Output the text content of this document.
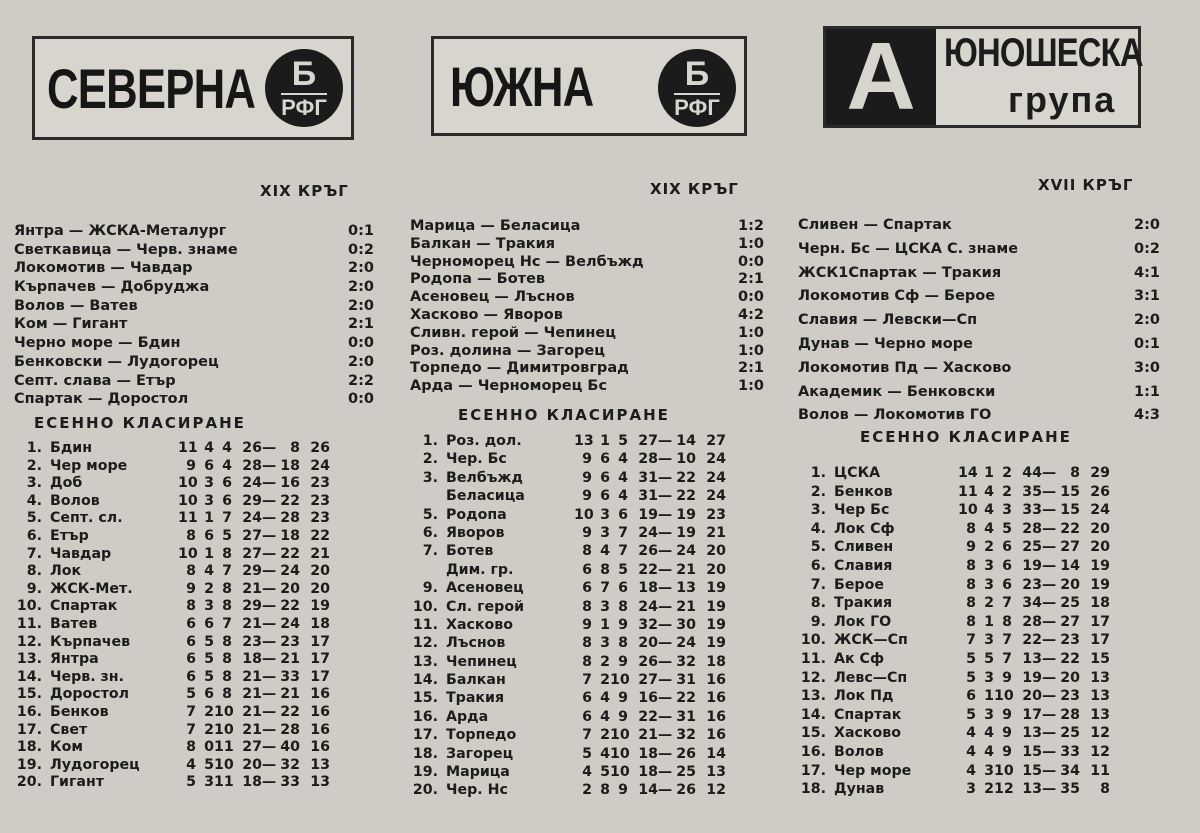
СЕВЕРНА Б
РФГ
XIX КРЪГ
Янтра — ЖСКА-Металург	0:1
Светкавица — Черв. знаме	0:2
Локомотив — Чавдар	2:0
Кърпачев — Добруджа	2:0
Волов — Ватев	2:0
Ком — Гигант	2:1
Черно море — Бдин	0:0
Бенковски — Лудогорец	2:0
Септ. слава — Етър	2:2
Спартак — Доростол	0:0
ЕСЕННО КЛАСИРАНЕ
1. Бдин	11 4 4 26 — 8 26
2. Чер море	9 6 4 28 — 18 24
3. Доб	10 3 6 24 — 16 23
4. Волов	10 3 6 29 — 22 23
5. Септ. сл.	11 1 7 24 — 28 23
6. Етър	8 6 5 27 — 18 22
7. Чавдар	10 1 8 27 — 22 21
8. Лок	8 4 7 29 — 24 20
9. ЖСК-Мет.	9 2 8 21 — 20 20
10. Спартак	8 3 8 29 — 22 19
11. Ватев	6 6 7 21 — 24 18
12. Кърпачев	6 5 8 23 — 23 17
13. Янтра	6 5 8 18 — 21 17
14. Черв. зн.	6 5 8 21 — 33 17
15. Доростол	5 6 8 21 — 21 16
16. Бенков	7 2 10 21 — 22 16
17. Свет	7 2 10 21 — 28 16
18. Ком	8 0 11 27 — 40 16
19. Лудогорец	4 5 10 20 — 32 13
20. Гигант	5 3 11 18 — 33 13
ЮЖНА	Б
РФГ
XIX КРЪГ
Марица — Беласица	1:2
Балкан — Тракия	1:0
Черноморец Нс — Велбъжд	0:0
Родопа — Ботев	2:1
Асеновец — Лъснов	0:0
Хасково — Яворов	4:2
Сливн. герой — Чепинец	1:0
Роз. долина — Загорец	1:0
Торпедо — Димитровград	2:1
Арда — Черноморец Бс	1:0
ЕСЕННО КЛАСИРАНЕ
1. Роз. дол.	13 1 5 27 — 14 27
2. Чер. Бс	9 6 4 28 — 10 24
3. Велбъжд	9 6 4 31 — 22 24
Беласица	9 6 4 31 — 22 24
5. Родопа	10 3 6 19 — 19 23
6. Яворов	9 3 7 24 — 19 21
7. Ботев	8 4 7 26 — 24 20
Дим. гр.	6 8 5 22 — 21 20
9. Асеновец	6 7 6 18 — 13 19
10. Сл. герой	8 3 8 24 — 21 19
11. Хасково	9 1 9 32 — 30 19
12. Лъснов	8 3 8 20 — 24 19
13. Чепинец	8 2 9 26 — 32 18
14. Балкан	7 2 10 27 — 31 16
15. Тракия	6 4 9 16 — 22 16
16. Арда	6 4 9 22 — 31 16
17. Торпедо	7 2 10 21 — 32 16
18. Загорец	5 4 10 18 — 26 14
19. Марица	4 5 10 18 — 25 13
20. Чер. Нс	2 8 9 14 — 26 12
А ЮНОШЕСКА
група
XVII КРЪГ
Сливен — Спартак	2:0
Черн. Бс — ЦСКА С. знаме	0:2
ЖСК1Спартак — Тракия	4:1
Локомотив Сф — Берое	3:1
Славия — Левски—Сп	2:0
Дунав — Черно море	0:1
Локомотив Пд — Хасково	3:0
Академик — Бенковски	1:1
Волов — Локомотив ГО	4:3
ЕСЕННО КЛАСИРАНЕ
1. ЦСКА	14 1 2 44 — 8 29
2. Бенков	11 4 2 35 — 15 26
3. Чер Бс	10 4 3 33 — 15 24
4. Лок Сф	8 4 5 28 — 22 20
5. Сливен	9 2 6 25 — 27 20
6. Славия	8 3 6 19 — 14 19
7. Берое	8 3 6 23 — 20 19
8. Тракия	8 2 7 34 — 25 18
9. Лок ГО	8 1 8 28 — 27 17
10. ЖСК—Сп	7 3 7 22 — 23 17
11. Ак Сф	5 5 7 13 — 22 15
12. Левс—Сп	5 3 9 19 — 20 13
13. Лок Пд	6 1 10 20 — 23 13
14. Спартак	5 3 9 17 — 28 13
15. Хасково	4 4 9 13 — 25 12
16. Волов	4 4 9 15 — 33 12
17. Чер море	4 3 10 15 — 34 11
18. Дунав	3 2 12 13 — 35	8
